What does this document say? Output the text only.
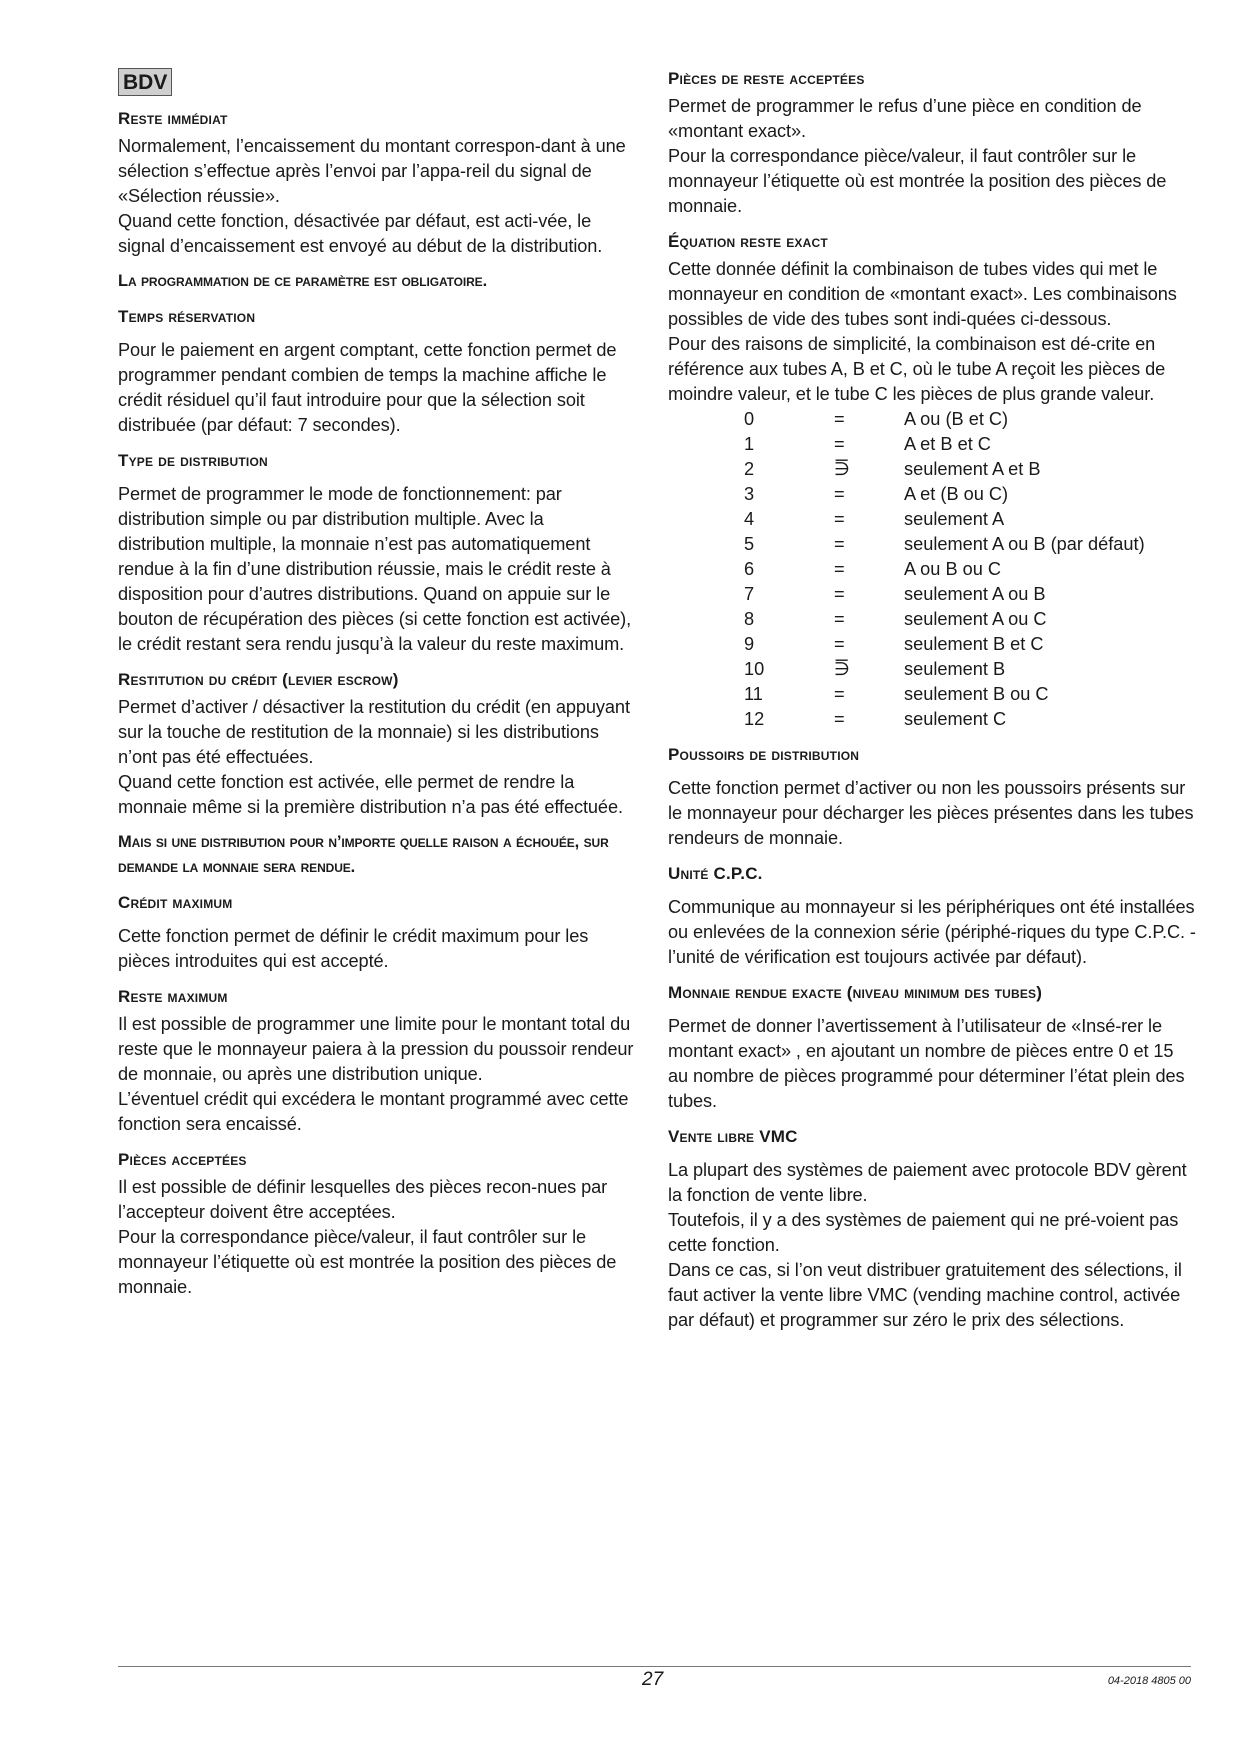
BDV
Reste immédiat

Normalement, l’encaissement du montant correspon-dant à une sélection s’effectue après l’envoi par l’appa-reil du signal de «Sélection réussie».

Quand cette fonction, désactivée par défaut, est acti-vée, le signal d’encaissement est envoyé au début de la distribution.

La programmation de ce paramètre est obligatoire.

Temps réservation

Pour le paiement en argent comptant, cette fonction permet de programmer pendant combien de temps la machine affiche le crédit résiduel qu’il faut introduire pour que la sélection soit distribuée (par défaut: 7 secondes).

Type de distribution

Permet de programmer le mode de fonctionnement: par distribution simple ou par distribution multiple. Avec la distribution multiple, la monnaie n’est pas automatiquement rendue à la fin d’une distribution réussie, mais le crédit reste à disposition pour d’autres distributions. Quand on appuie sur le bouton de récupération des pièces (si cette fonction est activée), le crédit restant sera rendu jusqu’à la valeur du reste maximum.

Restitution du crédit (levier escrow)

Permet d’activer / désactiver la restitution du crédit (en appuyant sur la touche de restitution de la monnaie) si les distributions n’ont pas été effectuées.

Quand cette fonction est activée, elle permet de rendre la monnaie même si la première distribution n’a pas été effectuée.

Mais si une distribution pour n’importe quelle raison a échouée, sur demande la monnaie sera rendue.

Crédit maximum

Cette fonction permet de définir le crédit maximum pour les pièces introduites qui est accepté.

Reste maximum

Il est possible de programmer une limite pour le montant total du reste que le monnayeur paiera à la pression du poussoir rendeur de monnaie, ou après une distribution unique.

L’éventuel crédit qui excédera le montant programmé avec cette fonction sera encaissé.

Pièces acceptées

Il est possible de définir lesquelles des pièces recon-nues par l’accepteur doivent être acceptées.

Pour la correspondance pièce/valeur, il faut contrôler sur le monnayeur l’étiquette où est montrée la position des pièces de monnaie.

Pièces de reste acceptées

Permet de programmer le refus d’une pièce en condition de «montant exact».

Pour la correspondance pièce/valeur, il faut contrôler sur le monnayeur l’étiquette où est montrée la position des pièces de monnaie.

Équation reste exact

Cette donnée définit la combinaison de tubes vides qui met le monnayeur en condition de «montant exact». Les combinaisons possibles de vide des tubes sont indi-quées ci-dessous.

Pour des raisons de simplicité, la combinaison est dé-crite en référence aux tubes A, B et C, où le tube A reçoit les pièces de moindre valeur, et le tube C les pièces de plus grande valeur.

0	=	A ou (B et C)
1	=	A et B et C
2	⋽	seulement A et B
3	=	A et (B ou C)
4	=	seulement A
5	=	seulement A ou B (par défaut)
6	=	A ou B ou C
7	=	seulement A ou B
8	=	seulement A ou C
9	=	seulement B et C
10	⋽	seulement B
11	=	seulement B ou C
12	=	seulement C
Poussoirs de distribution

Cette fonction permet d’activer ou non les poussoirs présents sur le monnayeur pour décharger les pièces présentes dans les tubes rendeurs de monnaie.

Unité C.P.C.

Communique au monnayeur si les périphériques ont été installées ou enlevées de la connexion série (périphé-riques du type C.P.C. - l’unité de vérification est toujours activée par défaut).

Monnaie rendue exacte (niveau minimum des tubes)

Permet de donner l’avertissement à l’utilisateur de «Insé-rer le montant exact» , en ajoutant un nombre de pièces entre 0 et 15 au nombre de pièces programmé pour déterminer l’état plein des tubes.

Vente libre VMC

La plupart des systèmes de paiement avec protocole BDV gèrent la fonction de vente libre.

Toutefois, il y a des systèmes de paiement qui ne pré-voient pas cette fonction.

Dans ce cas, si l’on veut distribuer gratuitement des sélections, il faut activer la vente libre VMC (vending machine control, activée par défaut) et programmer sur zéro le prix des sélections.

27	04-2018 4805 00
